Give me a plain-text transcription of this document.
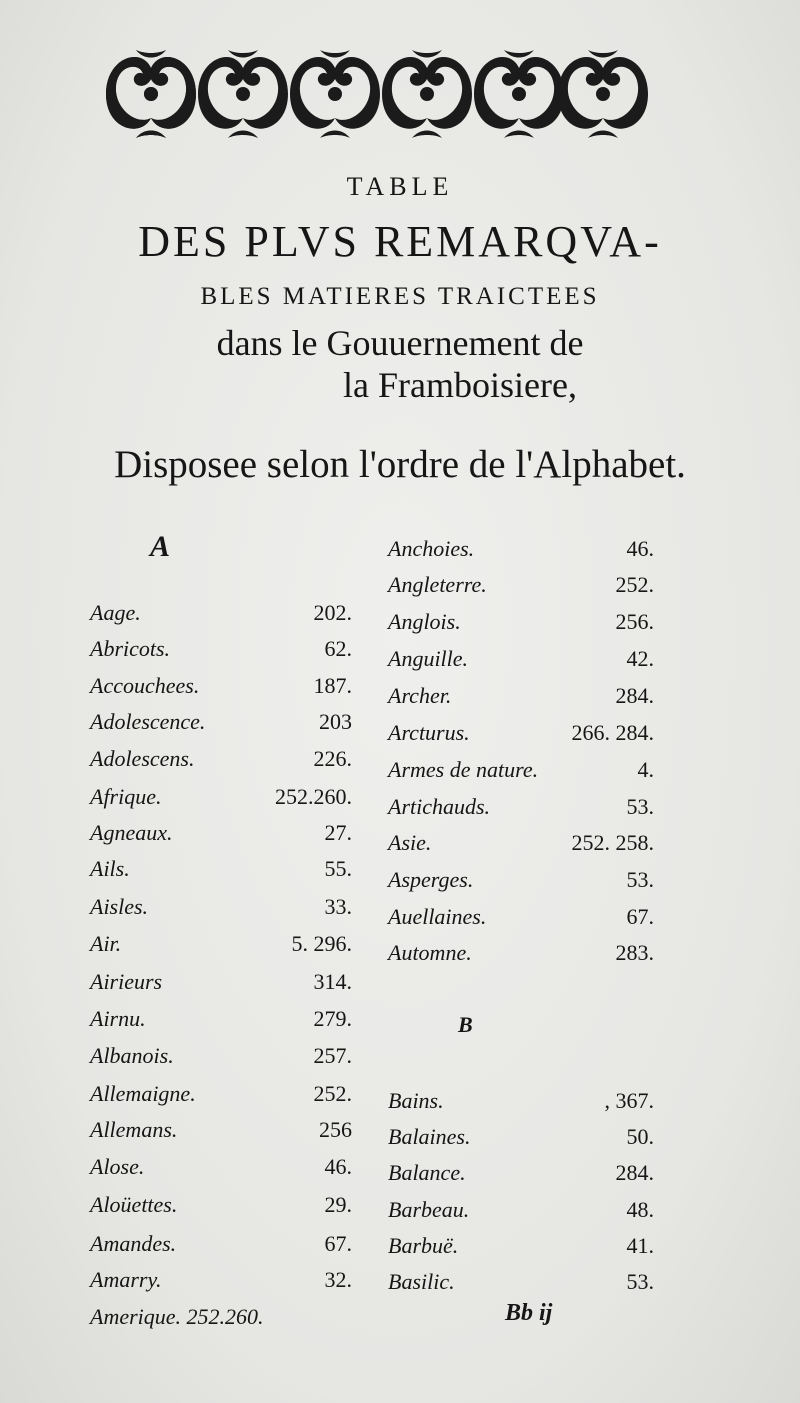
TABLE
DES PLVS REMARQVA-
BLES MATIERES TRAICTEES
dans le Gouuernement de
la Framboisiere,
Disposee selon l'ordre de l'Alphabet.
A
B
Aage.	202.
Abricots.	62.
Accouchees.	187.
Adolescence.	203
Adolescens.	226.
Afrique.	252.260.
Agneaux.	27.
Ails.	55.
Aisles.	33.
Air.	5. 296.
Airieurs	314.
Airnu.	279.
Albanois.	257.
Allemaigne.	252.
Allemans.	256
Alose.	46.
Aloüettes.	29.
Amandes.	67.
Amarry.	32.
Amerique. 252.260.
Anchoies.	46.
Angleterre.	252.
Anglois.	256.
Anguille.	42.
Archer.	284.
Arcturus.	266. 284.
Armes de nature.	4.
Artichauds.	53.
Asie.	252. 258.
Asperges.	53.
Auellaines.	67.
Automne.	283.
Bains.	, 367.
Balaines.	50.
Balance.	284.
Barbeau.	48.
Barbuë.	41.
Basilic.	53.
Bb ij
